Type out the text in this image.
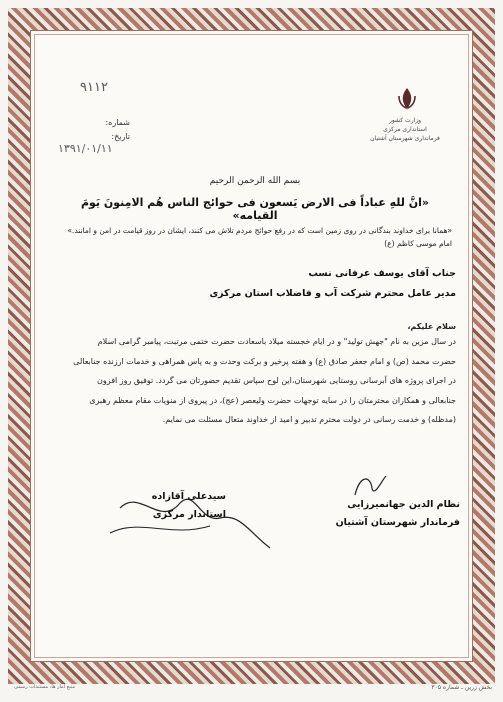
۹۱۱۲
وزارت کشور
استانداری مرکزی
فرمانداری شهرستان آشتیان
شماره:
تاریخ:
۱۳۹۱/۰۱/۱۱
بسم الله الرحمن الرحیم
«انَّ للهِ عباداً فی الارض یَسعون فی حوائج الناس هُم الامِنونَ یَومَ القیامه»
«همانا برای خداوند بندگانی در روی زمین است که در رفع حوائج مردم تلاش می کنند، ایشان در روز قیامت در امن و امانند.»
امام موسی کاظم (ع)
جناب آقای یوسف عرفانی نسب
مدیر عامل محترم شرکت آب و فاضلاب استان مرکزی
سلام علیکم،
در سال مزین به نام "جهش تولید" و در ایام خجسته میلاد باسعادت حضرت ختمی مرتبت، پیامبر گرامی اسلام
حضرت محمد (ص) و امام جعفر صادق (ع) و هفته پرخیر و برکت وحدت و به پاس همراهی و خدمات ارزنده جنابعالی
در اجرای پروژه های آبرسانی روستایی شهرستان،این لوح سپاس تقدیم حضورتان می گردد. توفیق روز افزون
جنابعالی و همکاران محترمتان را در سایه توجهات حضرت ولیعصر (عج)، در پیروی از منویات مقام معظم رهبری
(مدظله) و خدمت رسانی در دولت محترم تدبیر و امید از خداوند متعال مسئلت می نمایم.
نظام الدین جهانمیرزایی
فرماندار شهرستان آشتیان
سیدعلی آقازاده
استاندار مرکزی
منبع آمار ها، مستندات رسمی	بخش زرین ـ شماره ۳۰۵
